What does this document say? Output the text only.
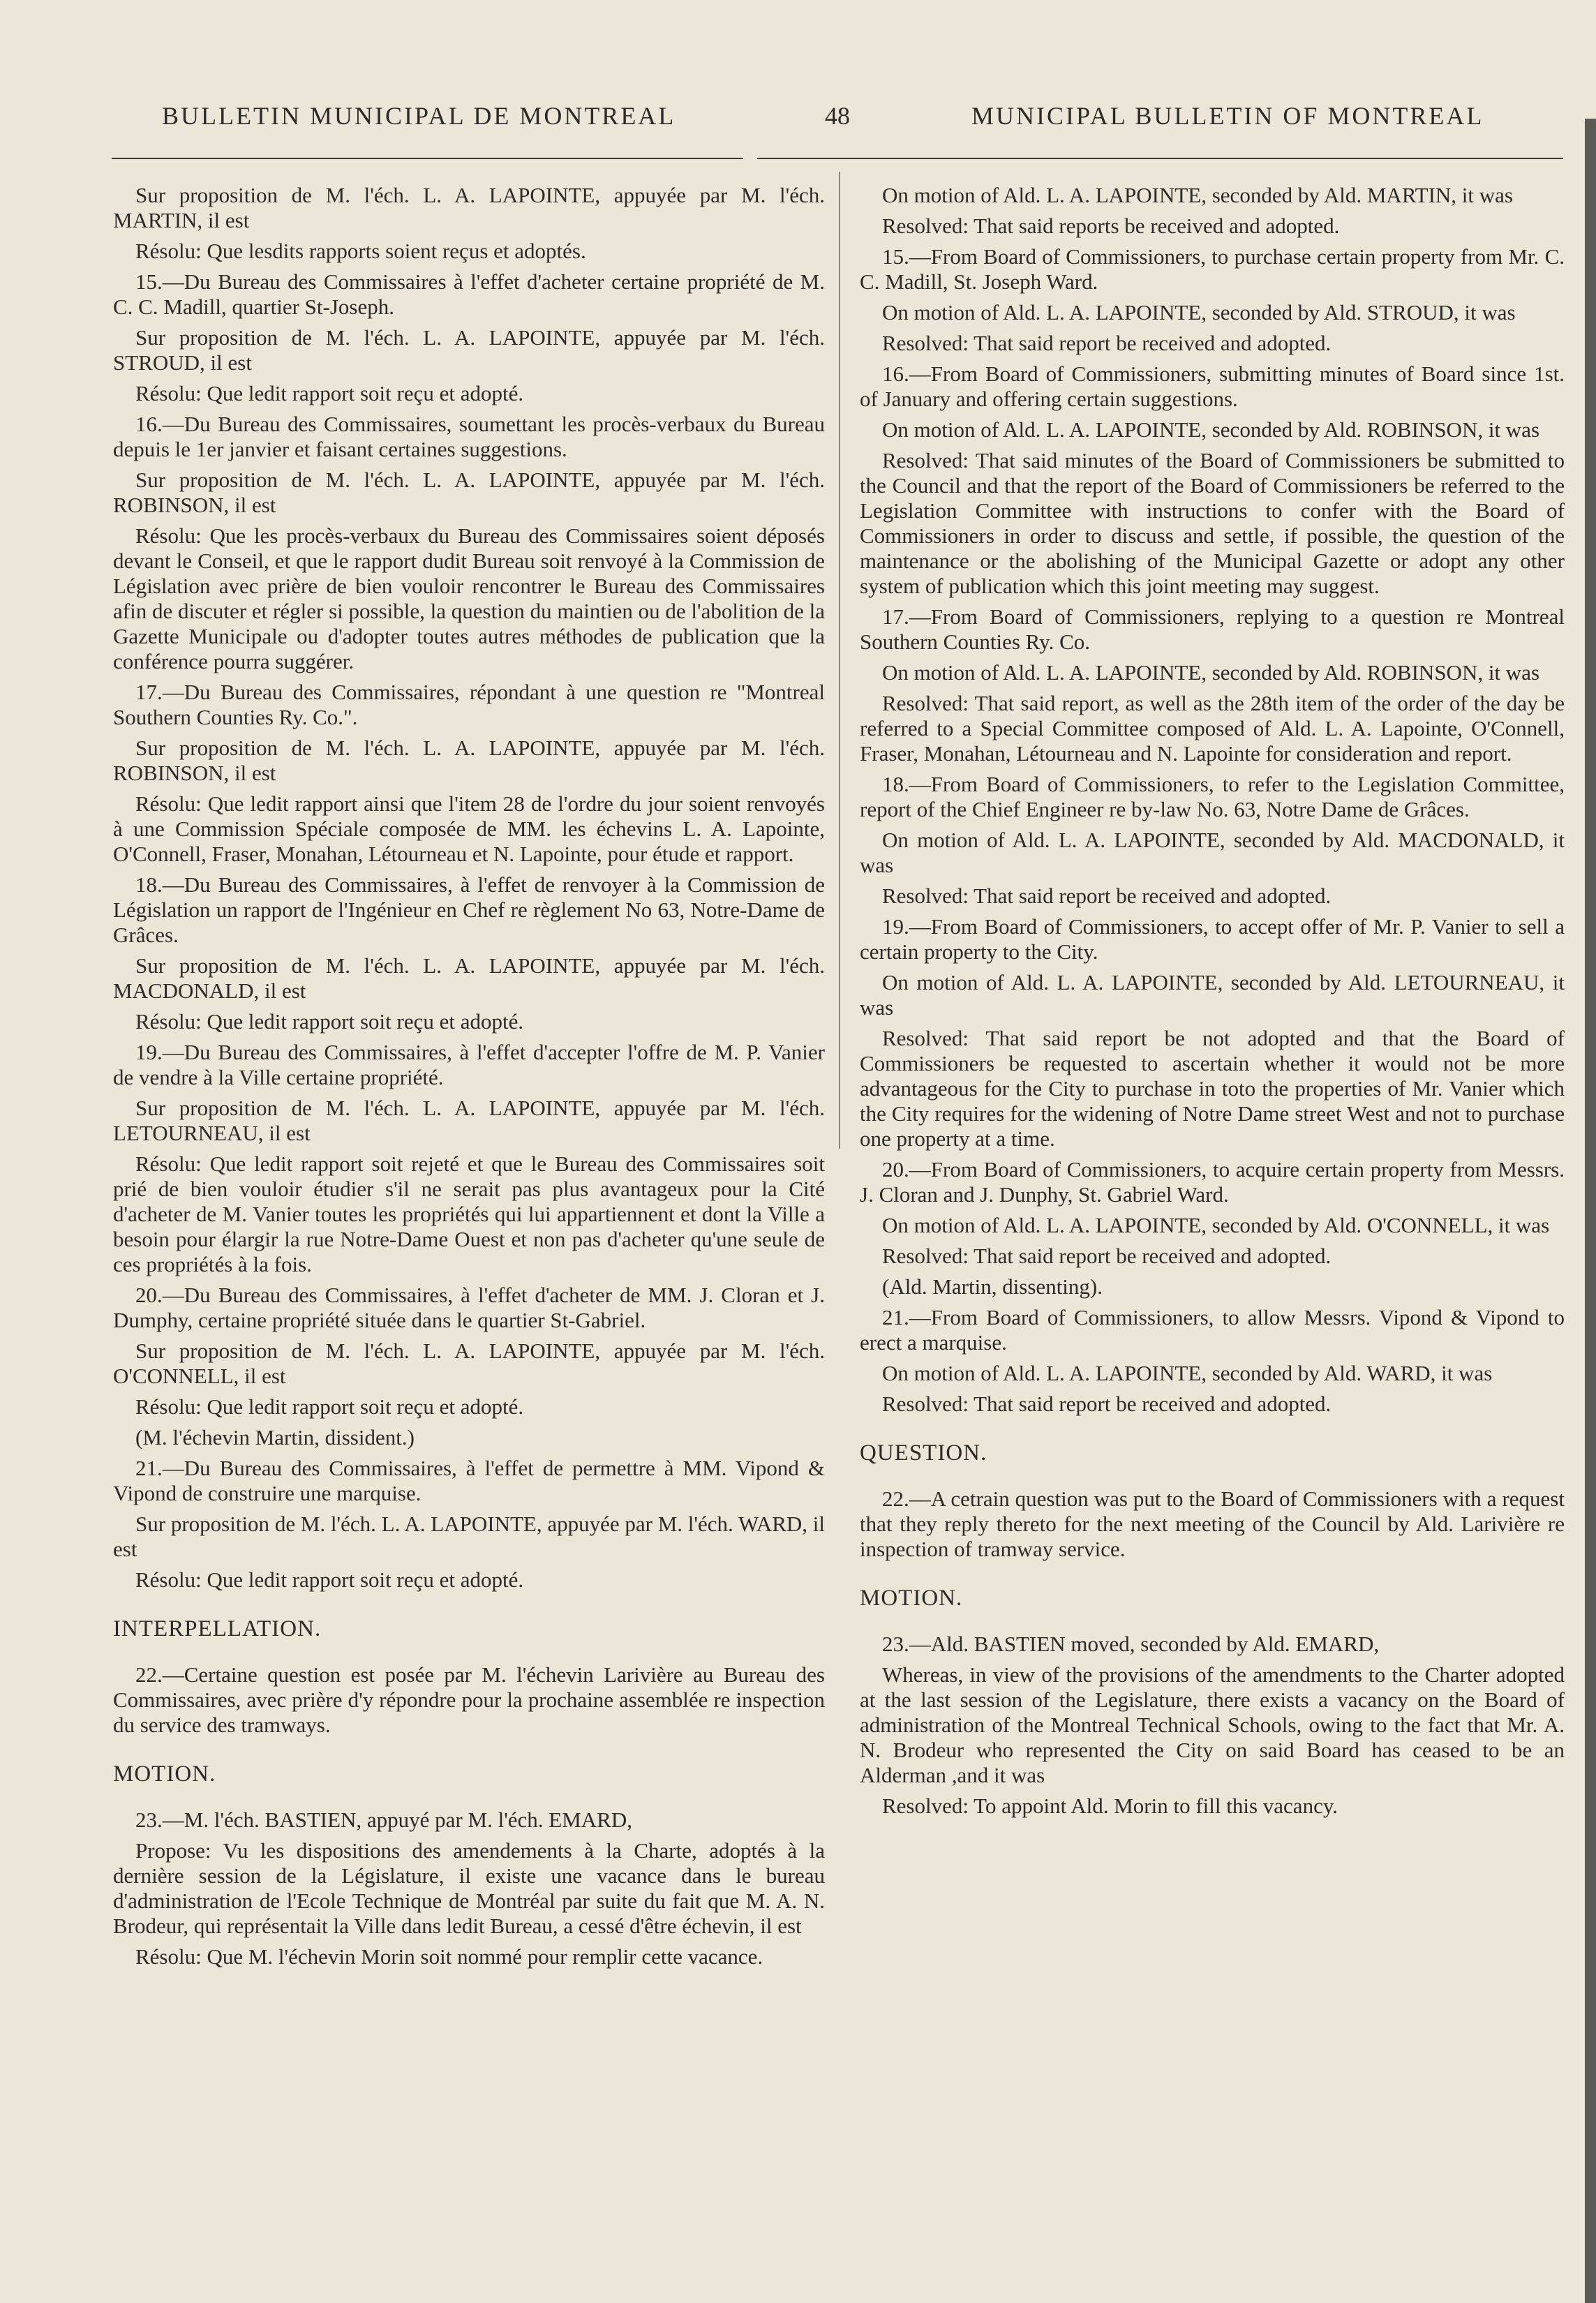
BULLETIN MUNICIPAL DE MONTREAL	48	MUNICIPAL BULLETIN OF MONTREAL

Sur proposition de M. l'éch. L. A. LAPOINTE, appuyée par M. l'éch. MARTIN, il est

Résolu: Que lesdits rapports soient reçus et adoptés.

15.—Du Bureau des Commissaires à l'effet d'acheter certaine propriété de M. C. C. Madill, quartier St-Joseph.

Sur proposition de M. l'éch. L. A. LAPOINTE, appuyée par M. l'éch. STROUD, il est

Résolu: Que ledit rapport soit reçu et adopté.

16.—Du Bureau des Commissaires, soumettant les procès-verbaux du Bureau depuis le 1er janvier et faisant certaines suggestions.

Sur proposition de M. l'éch. L. A. LAPOINTE, appuyée par M. l'éch. ROBINSON, il est

Résolu: Que les procès-verbaux du Bureau des Commissaires soient déposés devant le Conseil, et que le rapport dudit Bureau soit renvoyé à la Commission de Législation avec prière de bien vouloir rencontrer le Bureau des Commissaires afin de discuter et régler si possible, la question du maintien ou de l'abolition de la Gazette Municipale ou d'adopter toutes autres méthodes de publication que la conférence pourra suggérer.

17.—Du Bureau des Commissaires, répondant à une question re "Montreal Southern Counties Ry. Co.".

Sur proposition de M. l'éch. L. A. LAPOINTE, appuyée par M. l'éch. ROBINSON, il est

Résolu: Que ledit rapport ainsi que l'item 28 de l'ordre du jour soient renvoyés à une Commission Spéciale composée de MM. les échevins L. A. Lapointe, O'Connell, Fraser, Monahan, Létourneau et N. Lapointe, pour étude et rapport.

18.—Du Bureau des Commissaires, à l'effet de renvoyer à la Commission de Législation un rapport de l'Ingénieur en Chef re règlement No 63, Notre-Dame de Grâces.

Sur proposition de M. l'éch. L. A. LAPOINTE, appuyée par M. l'éch. MACDONALD, il est

Résolu: Que ledit rapport soit reçu et adopté.

19.—Du Bureau des Commissaires, à l'effet d'accepter l'offre de M. P. Vanier de vendre à la Ville certaine propriété.

Sur proposition de M. l'éch. L. A. LAPOINTE, appuyée par M. l'éch. LETOURNEAU, il est

Résolu: Que ledit rapport soit rejeté et que le Bureau des Commissaires soit prié de bien vouloir étudier s'il ne serait pas plus avantageux pour la Cité d'acheter de M. Vanier toutes les propriétés qui lui appartiennent et dont la Ville a besoin pour élargir la rue Notre-Dame Ouest et non pas d'acheter qu'une seule de ces propriétés à la fois.

20.—Du Bureau des Commissaires, à l'effet d'acheter de MM. J. Cloran et J. Dumphy, certaine propriété située dans le quartier St-Gabriel.

Sur proposition de M. l'éch. L. A. LAPOINTE, appuyée par M. l'éch. O'CONNELL, il est

Résolu: Que ledit rapport soit reçu et adopté.

(M. l'échevin Martin, dissident.)

21.—Du Bureau des Commissaires, à l'effet de permettre à MM. Vipond & Vipond de construire une marquise.

Sur proposition de M. l'éch. L. A. LAPOINTE, appuyée par M. l'éch. WARD, il est

Résolu: Que ledit rapport soit reçu et adopté.

INTERPELLATION.

22.—Certaine question est posée par M. l'échevin Larivière au Bureau des Commissaires, avec prière d'y répondre pour la prochaine assemblée re inspection du service des tramways.

MOTION.

23.—M. l'éch. BASTIEN, appuyé par M. l'éch. EMARD,

Propose: Vu les dispositions des amendements à la Charte, adoptés à la dernière session de la Législature, il existe une vacance dans le bureau d'administration de l'Ecole Technique de Montréal par suite du fait que M. A. N. Brodeur, qui représentait la Ville dans ledit Bureau, a cessé d'être échevin, il est

Résolu: Que M. l'échevin Morin soit nommé pour remplir cette vacance.

On motion of Ald. L. A. LAPOINTE, seconded by Ald. MARTIN, it was

Resolved: That said reports be received and adopted.

15.—From Board of Commissioners, to purchase certain property from Mr. C. C. Madill, St. Joseph Ward.

On motion of Ald. L. A. LAPOINTE, seconded by Ald. STROUD, it was

Resolved: That said report be received and adopted.

16.—From Board of Commissioners, submitting minutes of Board since 1st. of January and offering certain suggestions.

On motion of Ald. L. A. LAPOINTE, seconded by Ald. ROBINSON, it was

Resolved: That said minutes of the Board of Commissioners be submitted to the Council and that the report of the Board of Commissioners be referred to the Legislation Committee with instructions to confer with the Board of Commissioners in order to discuss and settle, if possible, the question of the maintenance or the abolishing of the Municipal Gazette or adopt any other system of publication which this joint meeting may suggest.

17.—From Board of Commissioners, replying to a question re Montreal Southern Counties Ry. Co.

On motion of Ald. L. A. LAPOINTE, seconded by Ald. ROBINSON, it was

Resolved: That said report, as well as the 28th item of the order of the day be referred to a Special Committee composed of Ald. L. A. Lapointe, O'Connell, Fraser, Monahan, Létourneau and N. Lapointe for consideration and report.

18.—From Board of Commissioners, to refer to the Legislation Committee, report of the Chief Engineer re by-law No. 63, Notre Dame de Grâces.

On motion of Ald. L. A. LAPOINTE, seconded by Ald. MACDONALD, it was

Resolved: That said report be received and adopted.

19.—From Board of Commissioners, to accept offer of Mr. P. Vanier to sell a certain property to the City.

On motion of Ald. L. A. LAPOINTE, seconded by Ald. LETOURNEAU, it was

Resolved: That said report be not adopted and that the Board of Commissioners be requested to ascertain whether it would not be more advantageous for the City to purchase in toto the properties of Mr. Vanier which the City requires for the widening of Notre Dame street West and not to purchase one property at a time.

20.—From Board of Commissioners, to acquire certain property from Messrs. J. Cloran and J. Dunphy, St. Gabriel Ward.

On motion of Ald. L. A. LAPOINTE, seconded by Ald. O'CONNELL, it was

Resolved: That said report be received and adopted.

(Ald. Martin, dissenting).

21.—From Board of Commissioners, to allow Messrs. Vipond & Vipond to erect a marquise.

On motion of Ald. L. A. LAPOINTE, seconded by Ald. WARD, it was

Resolved: That said report be received and adopted.

QUESTION.

22.—A cetrain question was put to the Board of Commissioners with a request that they reply thereto for the next meeting of the Council by Ald. Larivière re inspection of tramway service.

MOTION.

23.—Ald. BASTIEN moved, seconded by Ald. EMARD,

Whereas, in view of the provisions of the amendments to the Charter adopted at the last session of the Legislature, there exists a vacancy on the Board of administration of the Montreal Technical Schools, owing to the fact that Mr. A. N. Brodeur who represented the City on said Board has ceased to be an Alderman ,and it was

Resolved: To appoint Ald. Morin to fill this vacancy.
